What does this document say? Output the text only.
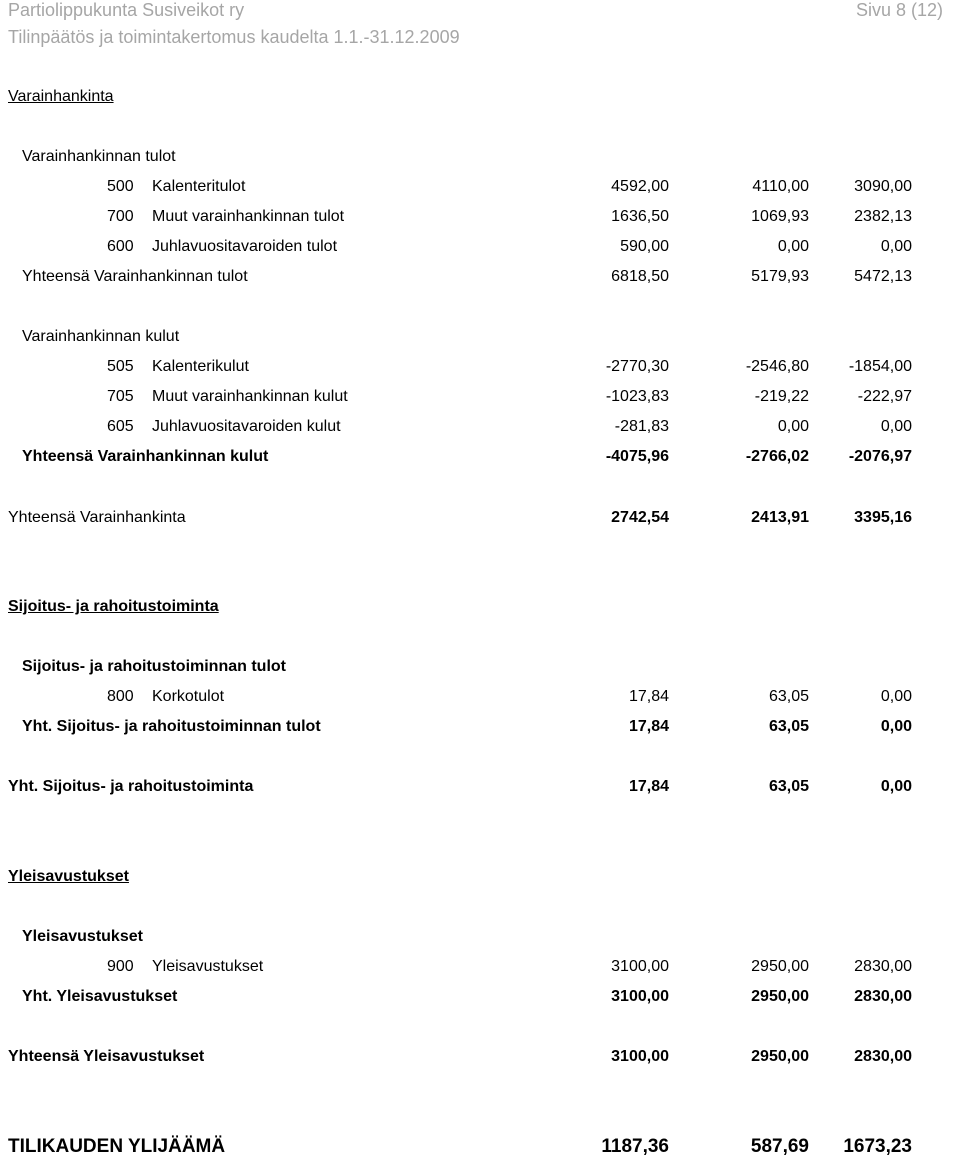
Partiolippukunta Susiveikot ry
Tilinpäätös ja toimintakertomus kaudelta 1.1.-31.12.2009
Sivu 8 (12)
Varainhankinta
Varainhankinnan tulot
500 Kalenteritulot	4592,00	4110,00	3090,00
700 Muut varainhankinnan tulot	1636,50	1069,93	2382,13
600 Juhlavuositavaroiden tulot	590,00	0,00	0,00
Yhteensä Varainhankinnan tulot	6818,50	5179,93	5472,13
Varainhankinnan kulut
505 Kalenterikulut	-2770,30	-2546,80 -1854,00
705 Muut varainhankinnan kulut	-1023,83	-219,22	-222,97
605 Juhlavuositavaroiden kulut	-281,83	0,00	0,00
Yhteensä Varainhankinnan kulut	-4075,96	-2766,02 -2076,97
Yhteensä Varainhankinta	2742,54	2413,91	3395,16
Sijoitus- ja rahoitustoiminta
Sijoitus- ja rahoitustoiminnan tulot
800 Korkotulot	17,84	63,05	0,00
Yht. Sijoitus- ja rahoitustoiminnan tulot	17,84	63,05	0,00
Yht. Sijoitus- ja rahoitustoiminta	17,84	63,05	0,00
Yleisavustukset
Yleisavustukset
900 Yleisavustukset	3100,00	2950,00	2830,00
Yht. Yleisavustukset	3100,00	2950,00	2830,00
Yhteensä Yleisavustukset	3100,00	2950,00	2830,00
TILIKAUDEN YLIJÄÄMÄ	1187,36	587,69 1673,23
